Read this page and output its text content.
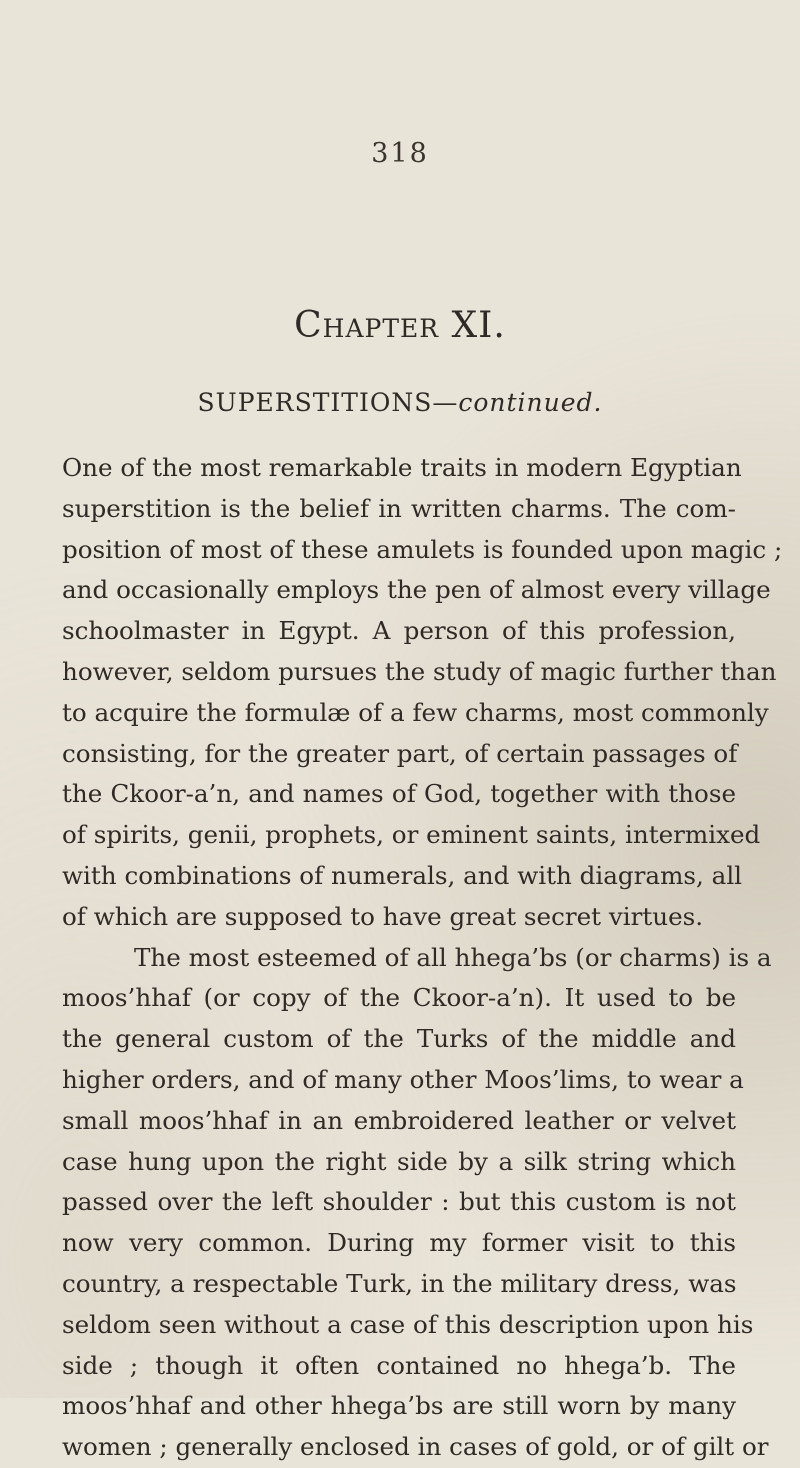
318
Chapter XI.
SUPERSTITIONS—continued.
One of the most remarkable traits in modern Egyptian
superstition is the belief in written charms. The com-
position of most of these amulets is founded upon magic ;
and occasionally employs the pen of almost every village
schoolmaster in Egypt. A person of this profession,
however, seldom pursues the study of magic further than
to acquire the formulæ of a few charms, most commonly
consisting, for the greater part, of certain passages of
the Ckoor-a’n, and names of God, together with those
of spirits, genii, prophets, or eminent saints, intermixed
with combinations of numerals, and with diagrams, all
of which are supposed to have great secret virtues.
The most esteemed of all hhega’bs (or charms) is a
moos’hhaf (or copy of the Ckoor-a’n). It used to be
the general custom of the Turks of the middle and
higher orders, and of many other Moos’lims, to wear a
small moos’hhaf in an embroidered leather or velvet
case hung upon the right side by a silk string which
passed over the left shoulder : but this custom is not
now very common. During my former visit to this
country, a respectable Turk, in the military dress, was
seldom seen without a case of this description upon his
side ; though it often contained no hhega’b. The
moos’hhaf and other hhega’bs are still worn by many
women ; generally enclosed in cases of gold, or of gilt or
